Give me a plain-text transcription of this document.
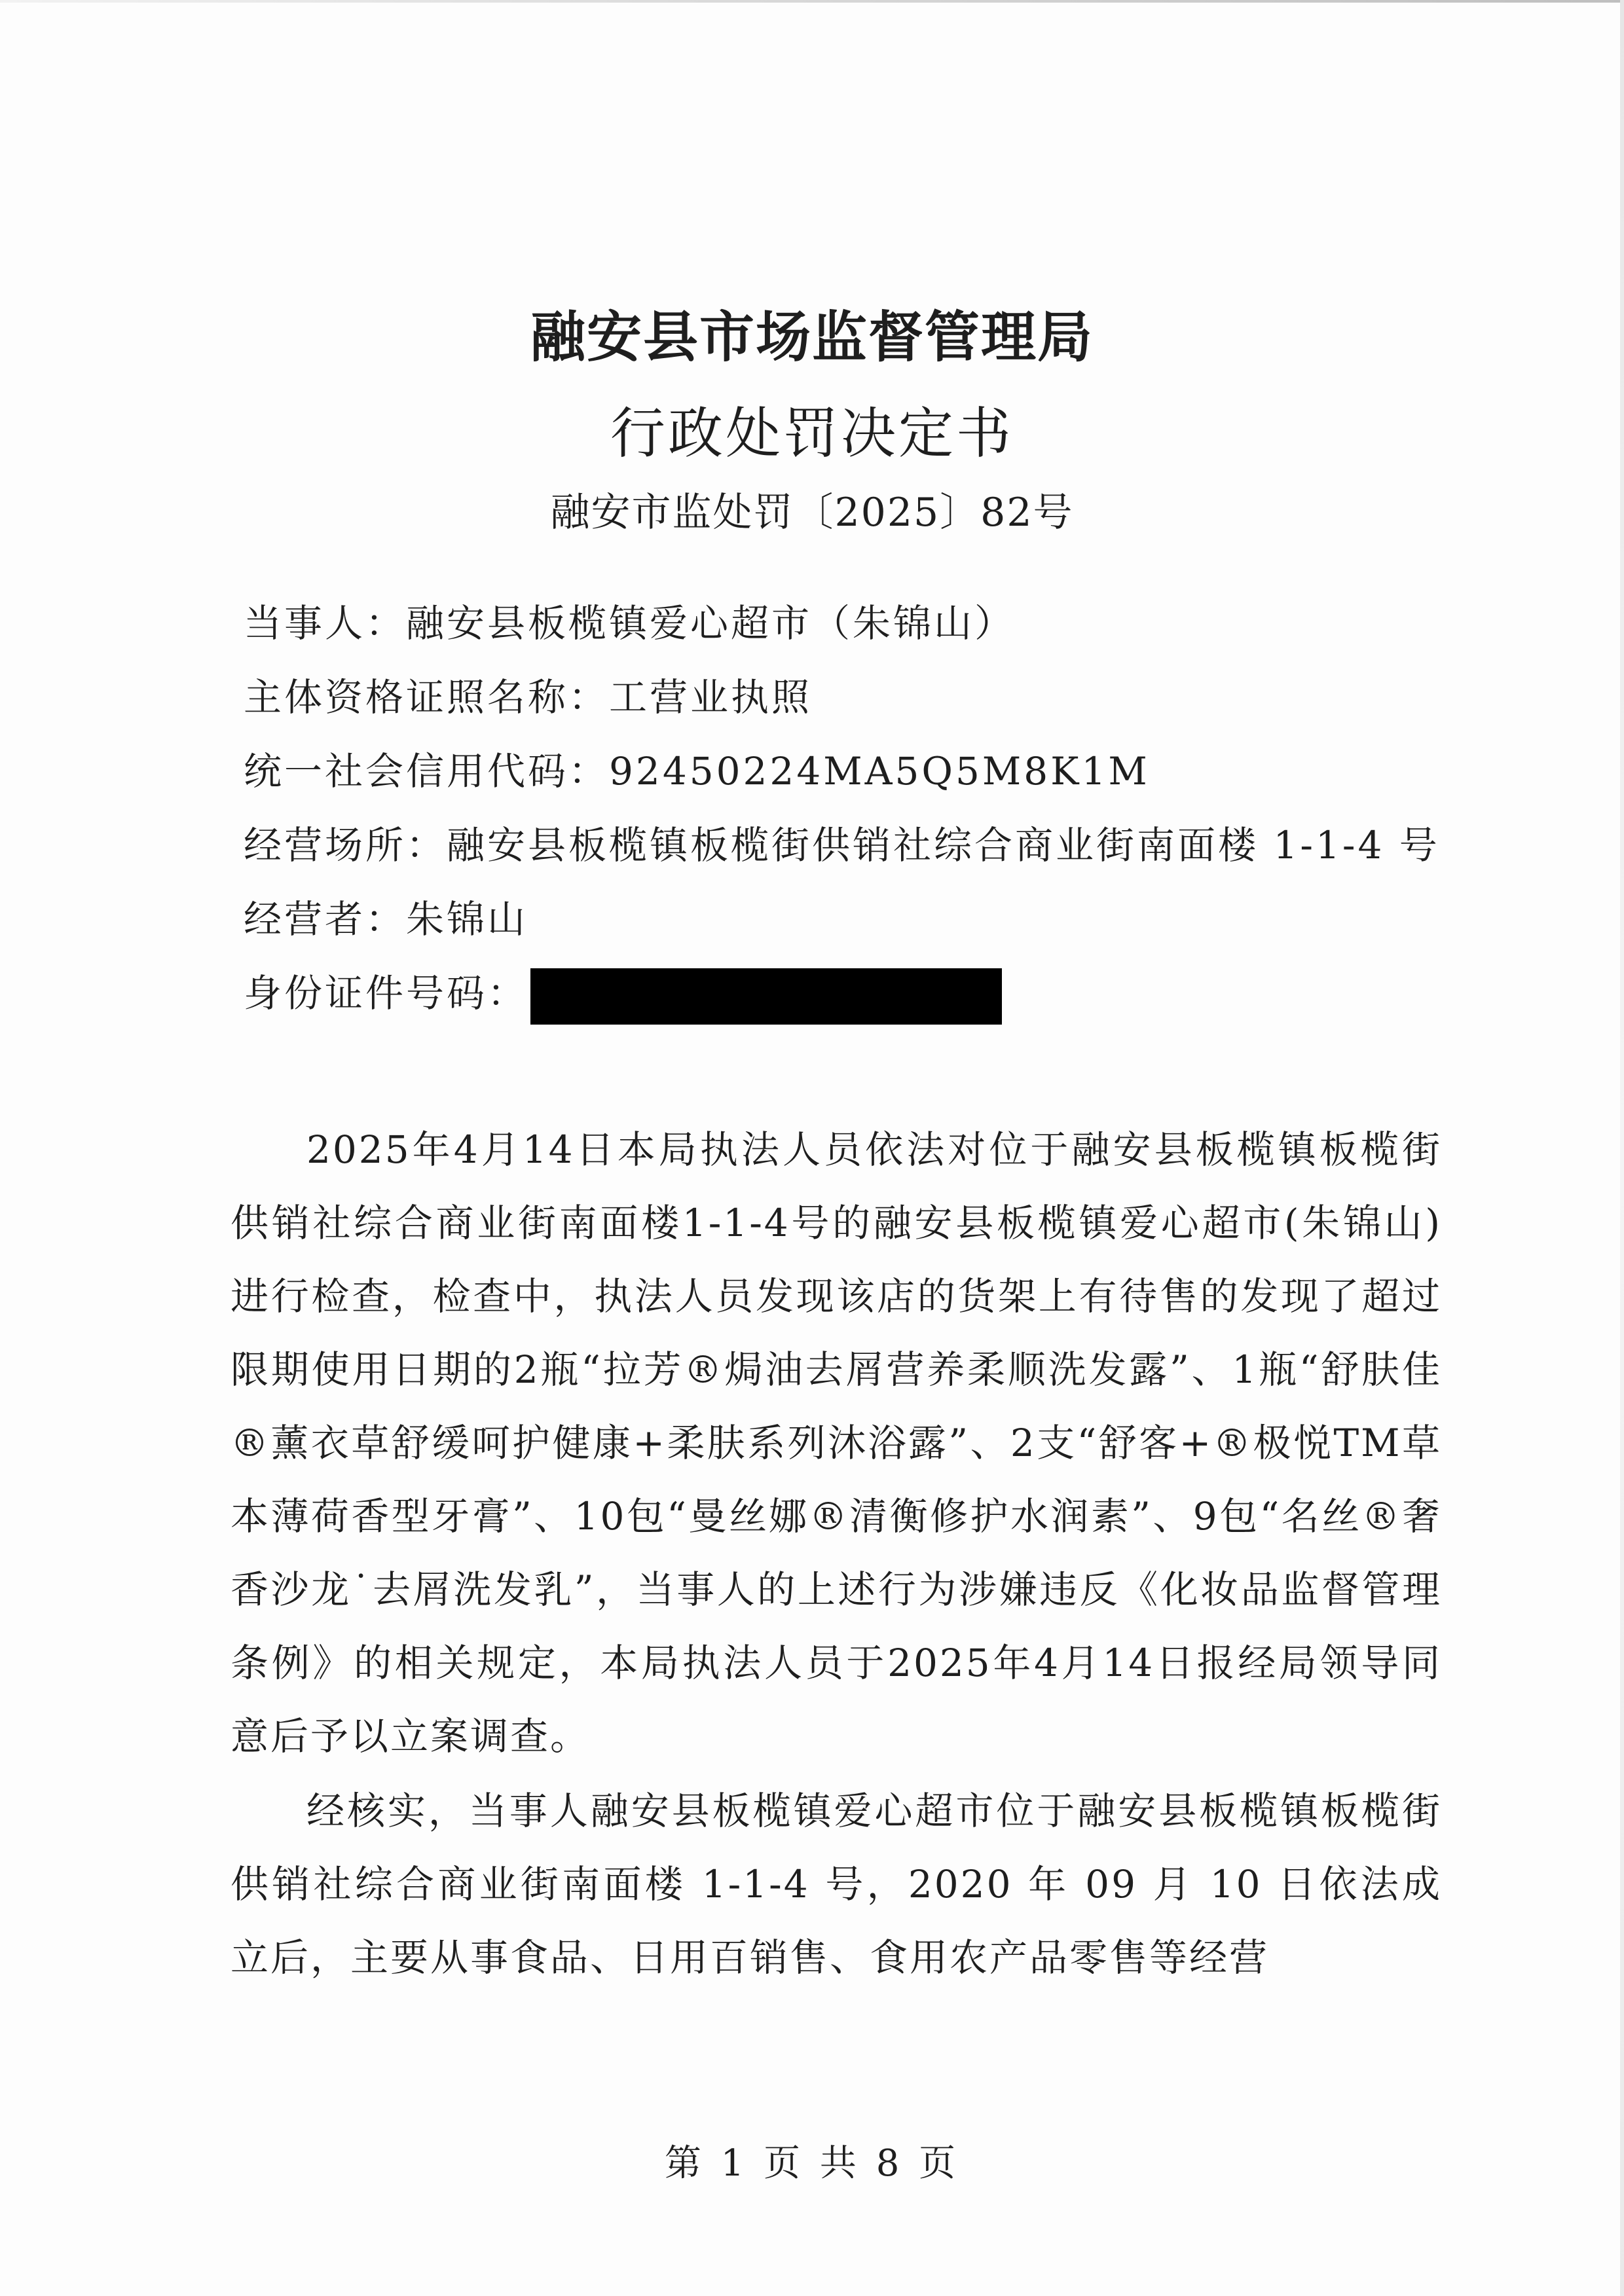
融安县市场监督管理局
行政处罚决定书
融安市监处罚〔2025〕82号
当事人：融安县板榄镇爱心超市（朱锦山）
主体资格证照名称：工营业执照
统一社会信用代码：92450224MA5Q5M8K1M
经营场所：融安县板榄镇板榄街供销社综合商业街南面楼 1-1-4 号
经营者：朱锦山
身份证件号码：
2025年4月14日本局执法人员依法对位于融安县板榄镇板榄街供销社综合商业街南面楼1-1-4号的融安县板榄镇爱心超市(朱锦山)进行检查，检查中，执法人员发现该店的货架上有待售的发现了超过限期使用日期的2瓶“拉芳®焗油去屑营养柔顺洗发露”、1瓶“舒肤佳®薰衣草舒缓呵护健康+柔肤系列沐浴露”、2支“舒客+®极悦TM草本薄荷香型牙膏”、10包“曼丝娜®清衡修护水润素”、9包“名丝®奢香沙龙˙去屑洗发乳”，当事人的上述行为涉嫌违反《化妆品监督管理条例》的相关规定，本局执法人员于2025年4月14日报经局领导同意后予以立案调查。
经核实，当事人融安县板榄镇爱心超市位于融安县板榄镇板榄街供销社综合商业街南面楼 1-1-4 号，2020 年 09 月 10 日依法成立后，主要从事食品、日用百销售、食用农产品零售等经营
第 1 页 共 8 页
